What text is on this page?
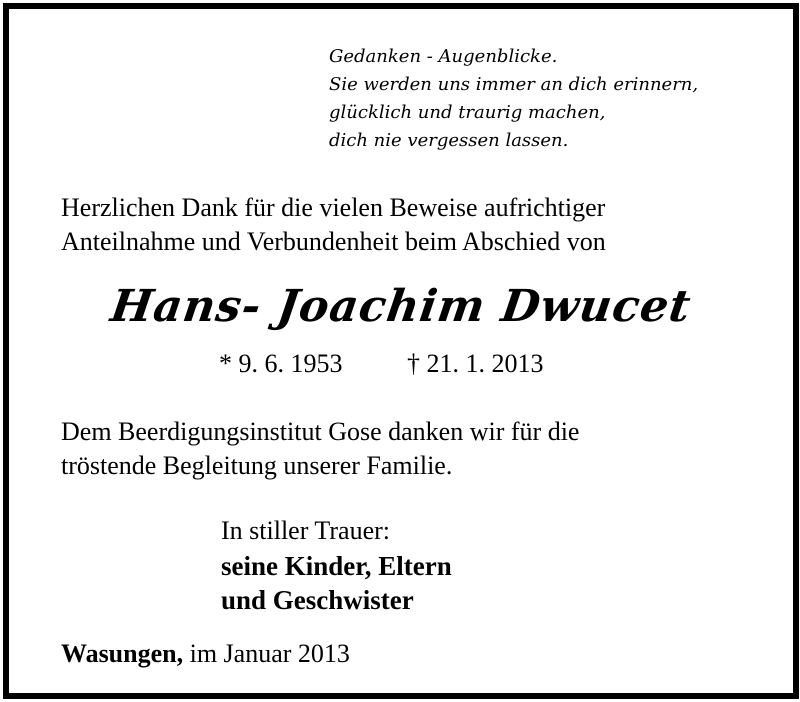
Gedanken - Augenblicke.
Sie werden uns immer an dich erinnern,
glücklich und traurig machen,
dich nie vergessen lassen.
Herzlichen Dank für die vielen Beweise aufrichtiger
Anteilnahme und Verbundenheit beim Abschied von
Hans- Joachim Dwucet
* 9. 6. 1953 † 21. 1. 2013
Dem Beerdigungsinstitut Gose danken wir für die
tröstende Begleitung unserer Familie.
In stiller Trauer:
seine Kinder, Eltern
und Geschwister
Wasungen, im Januar 2013
